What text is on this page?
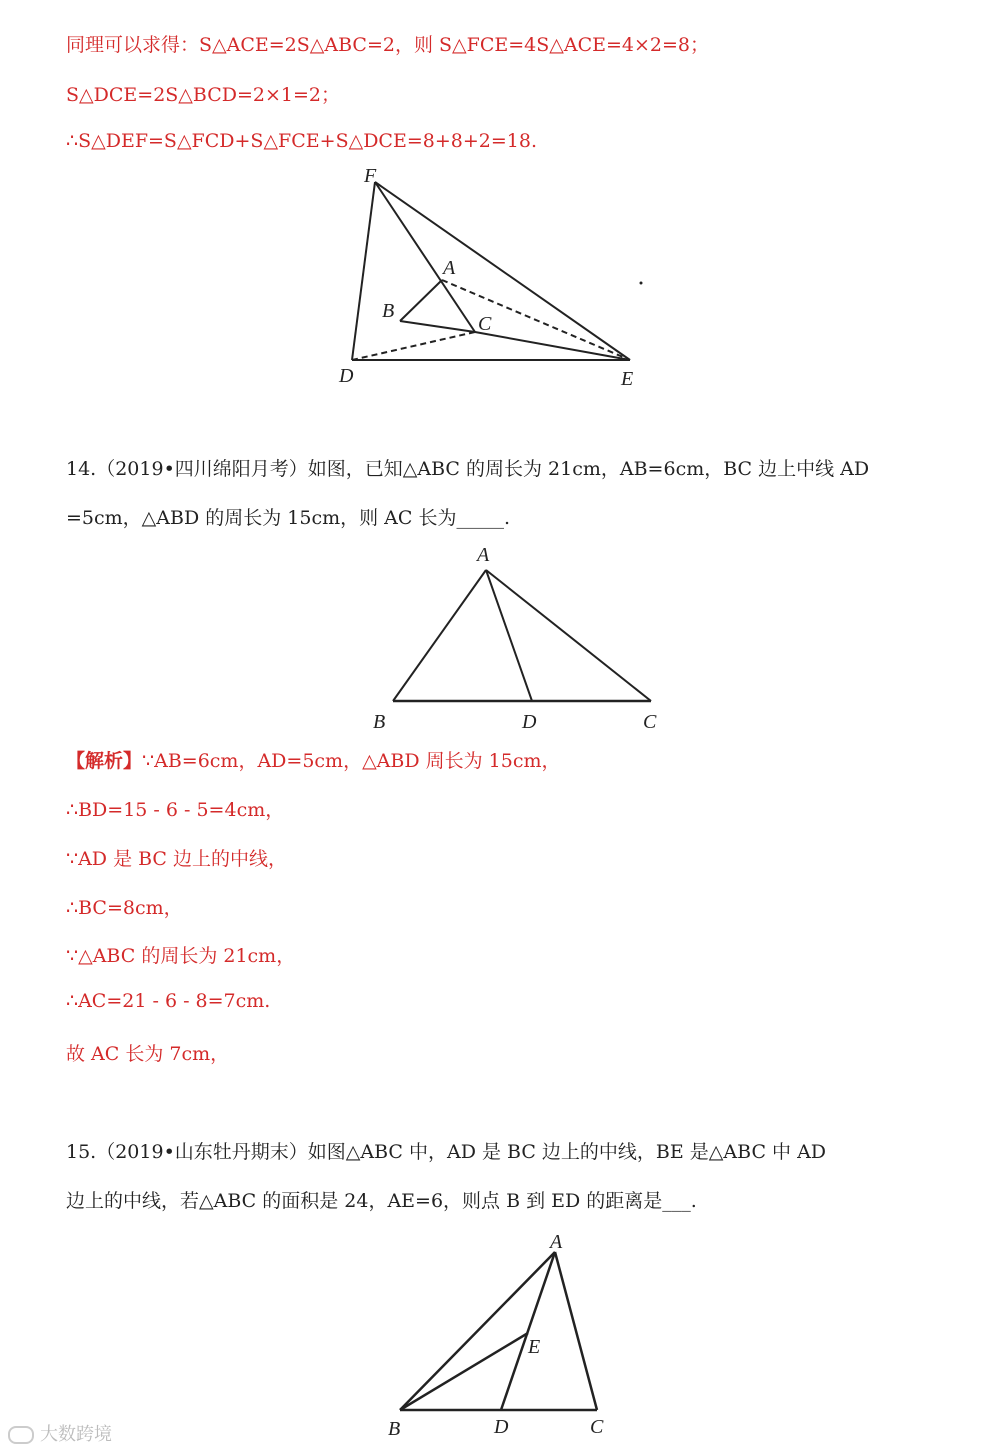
同理可以求得：S△ACE=2S△ABC=2，则 S△FCE=4S△ACE=4×2=8；
S△DCE=2S△BCD=2×1=2；
∴S△DEF=S△FCD+S△FCE+S△DCE=8+8+2=18.
F
A
B
C
D	E
14.（2019•四川绵阳月考）如图，已知△ABC 的周长为 21cm，AB=6cm，BC 边上中线 AD
=5cm，△ABD 的周长为 15cm，则 AC 长为_____.
A
B	D	C
【解析】∵AB=6cm，AD=5cm，△ABD 周长为 15cm，
∴BD=15 - 6 - 5=4cm，
∵AD 是 BC 边上的中线，
∴BC=8cm，
∵△ABC 的周长为 21cm，
∴AC=21 - 6 - 8=7cm.
故 AC 长为 7cm，
15.（2019•山东牡丹期末）如图△ABC 中，AD 是 BC 边上的中线，BE 是△ABC 中 AD
边上的中线，若△ABC 的面积是 24，AE=6，则点 B 到 ED 的距离是___.
A
E
B	D	C
大数跨境
